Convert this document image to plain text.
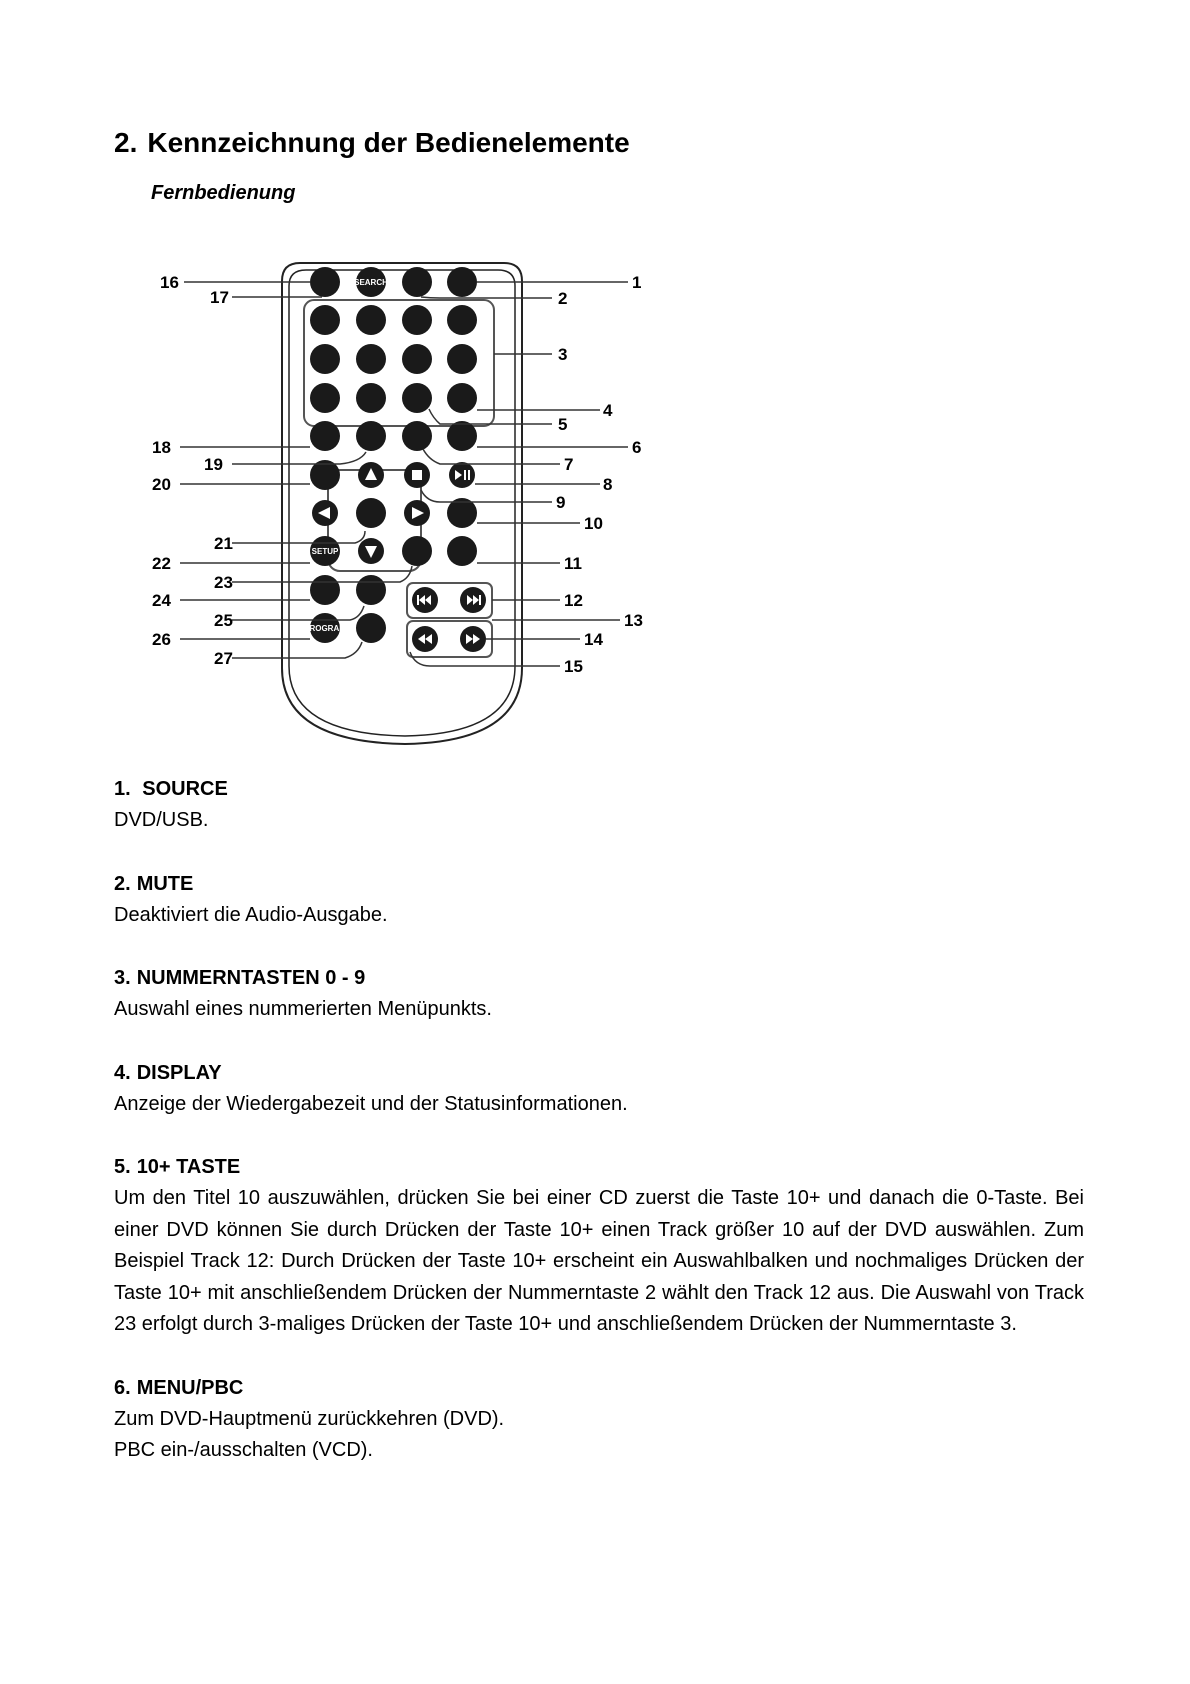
2. Kennzeichnung der Bedienelemente
Fernbedienung
SEARCH
SETUP
PROGRAM
1
2
3
4
5
6
7
8
9
10
11
12
13
14
15
16
17
18
19
20
21
22
23
24
25
26
27
1. SOURCE

DVD/USB.

2. MUTE

Deaktiviert die Audio-Ausgabe.

3. NUMMERNTASTEN 0 - 9

Auswahl eines nummerierten Menüpunkts.

4. DISPLAY

Anzeige der Wiedergabezeit und der Statusinformationen.

5. 10+ TASTE

Um den Titel 10 auszuwählen, drücken Sie bei einer CD zuerst die Taste 10+ und danach die 0-Taste. Bei einer DVD können Sie durch Drücken der Taste 10+ einen Track größer 10 auf der DVD auswählen. Zum Beispiel Track 12: Durch Drücken der Taste 10+ erscheint ein Auswahlbalken und nochmaliges Drücken der Taste 10+ mit anschließendem Drücken der Nummerntaste 2 wählt den Track 12 aus. Die Auswahl von Track 23 erfolgt durch 3-maliges Drücken der Taste 10+ und anschließendem Drücken der Nummerntaste 3.

6. MENU/PBC

Zum DVD-Hauptmenü zurückkehren (DVD).

PBC ein-/ausschalten (VCD).
